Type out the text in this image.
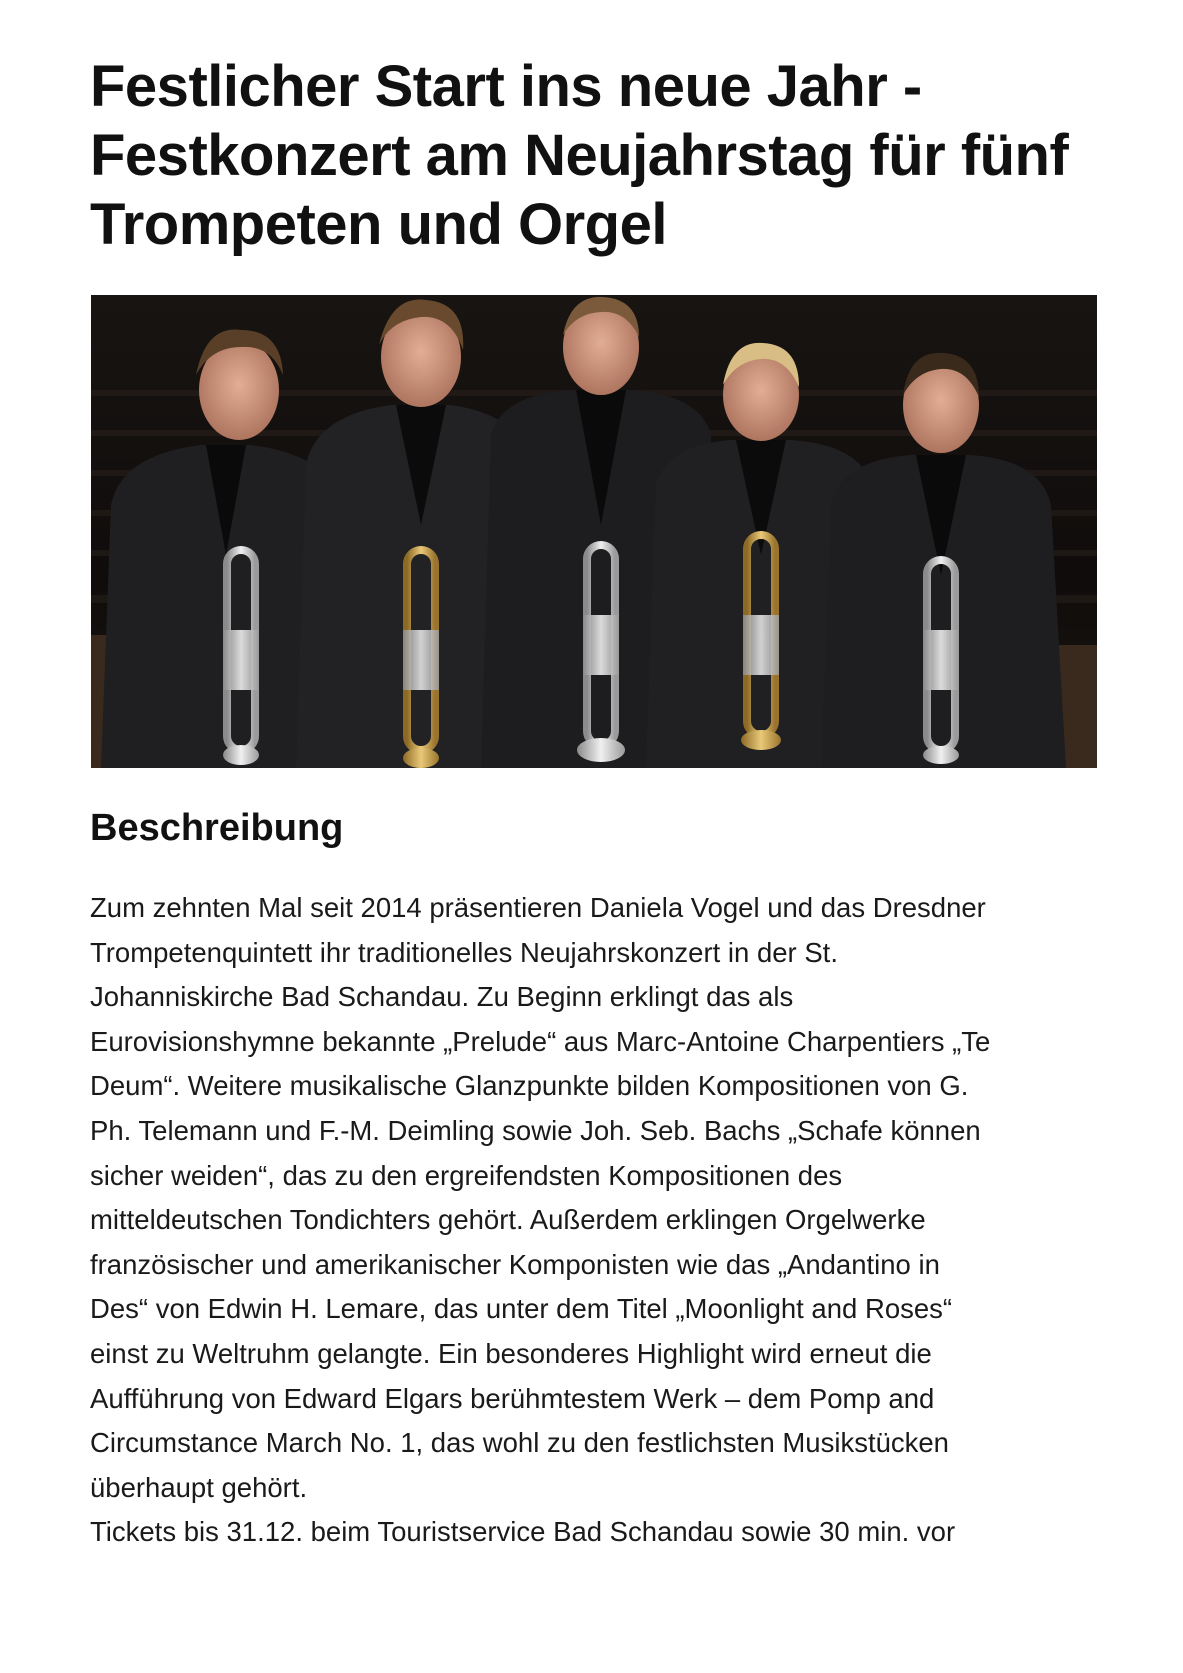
Festlicher Start ins neue Jahr -
Festkonzert am Neujahrstag für fünf
Trompeten und Orgel
Beschreibung

Zum zehnten Mal seit 2014 präsentieren Daniela Vogel und das Dresdner
Trompetenquintett ihr traditionelles Neujahrskonzert in der St.
Johanniskirche Bad Schandau. Zu Beginn erklingt das als
Eurovisionshymne bekannte „Prelude“ aus Marc-Antoine Charpentiers „Te
Deum“. Weitere musikalische Glanzpunkte bilden Kompositionen von G.
Ph. Telemann und F.-M. Deimling sowie Joh. Seb. Bachs „Schafe können
sicher weiden“, das zu den ergreifendsten Kompositionen des
mitteldeutschen Tondichters gehört. Außerdem erklingen Orgelwerke
französischer und amerikanischer Komponisten wie das „Andantino in
Des“ von Edwin H. Lemare, das unter dem Titel „Moonlight and Roses“
einst zu Weltruhm gelangte. Ein besonderes Highlight wird erneut die
Aufführung von Edward Elgars berühmtestem Werk – dem Pomp and
Circumstance March No. 1, das wohl zu den festlichsten Musikstücken
überhaupt gehört.

Tickets bis 31.12. beim Touristservice Bad Schandau sowie 30 min. vor
